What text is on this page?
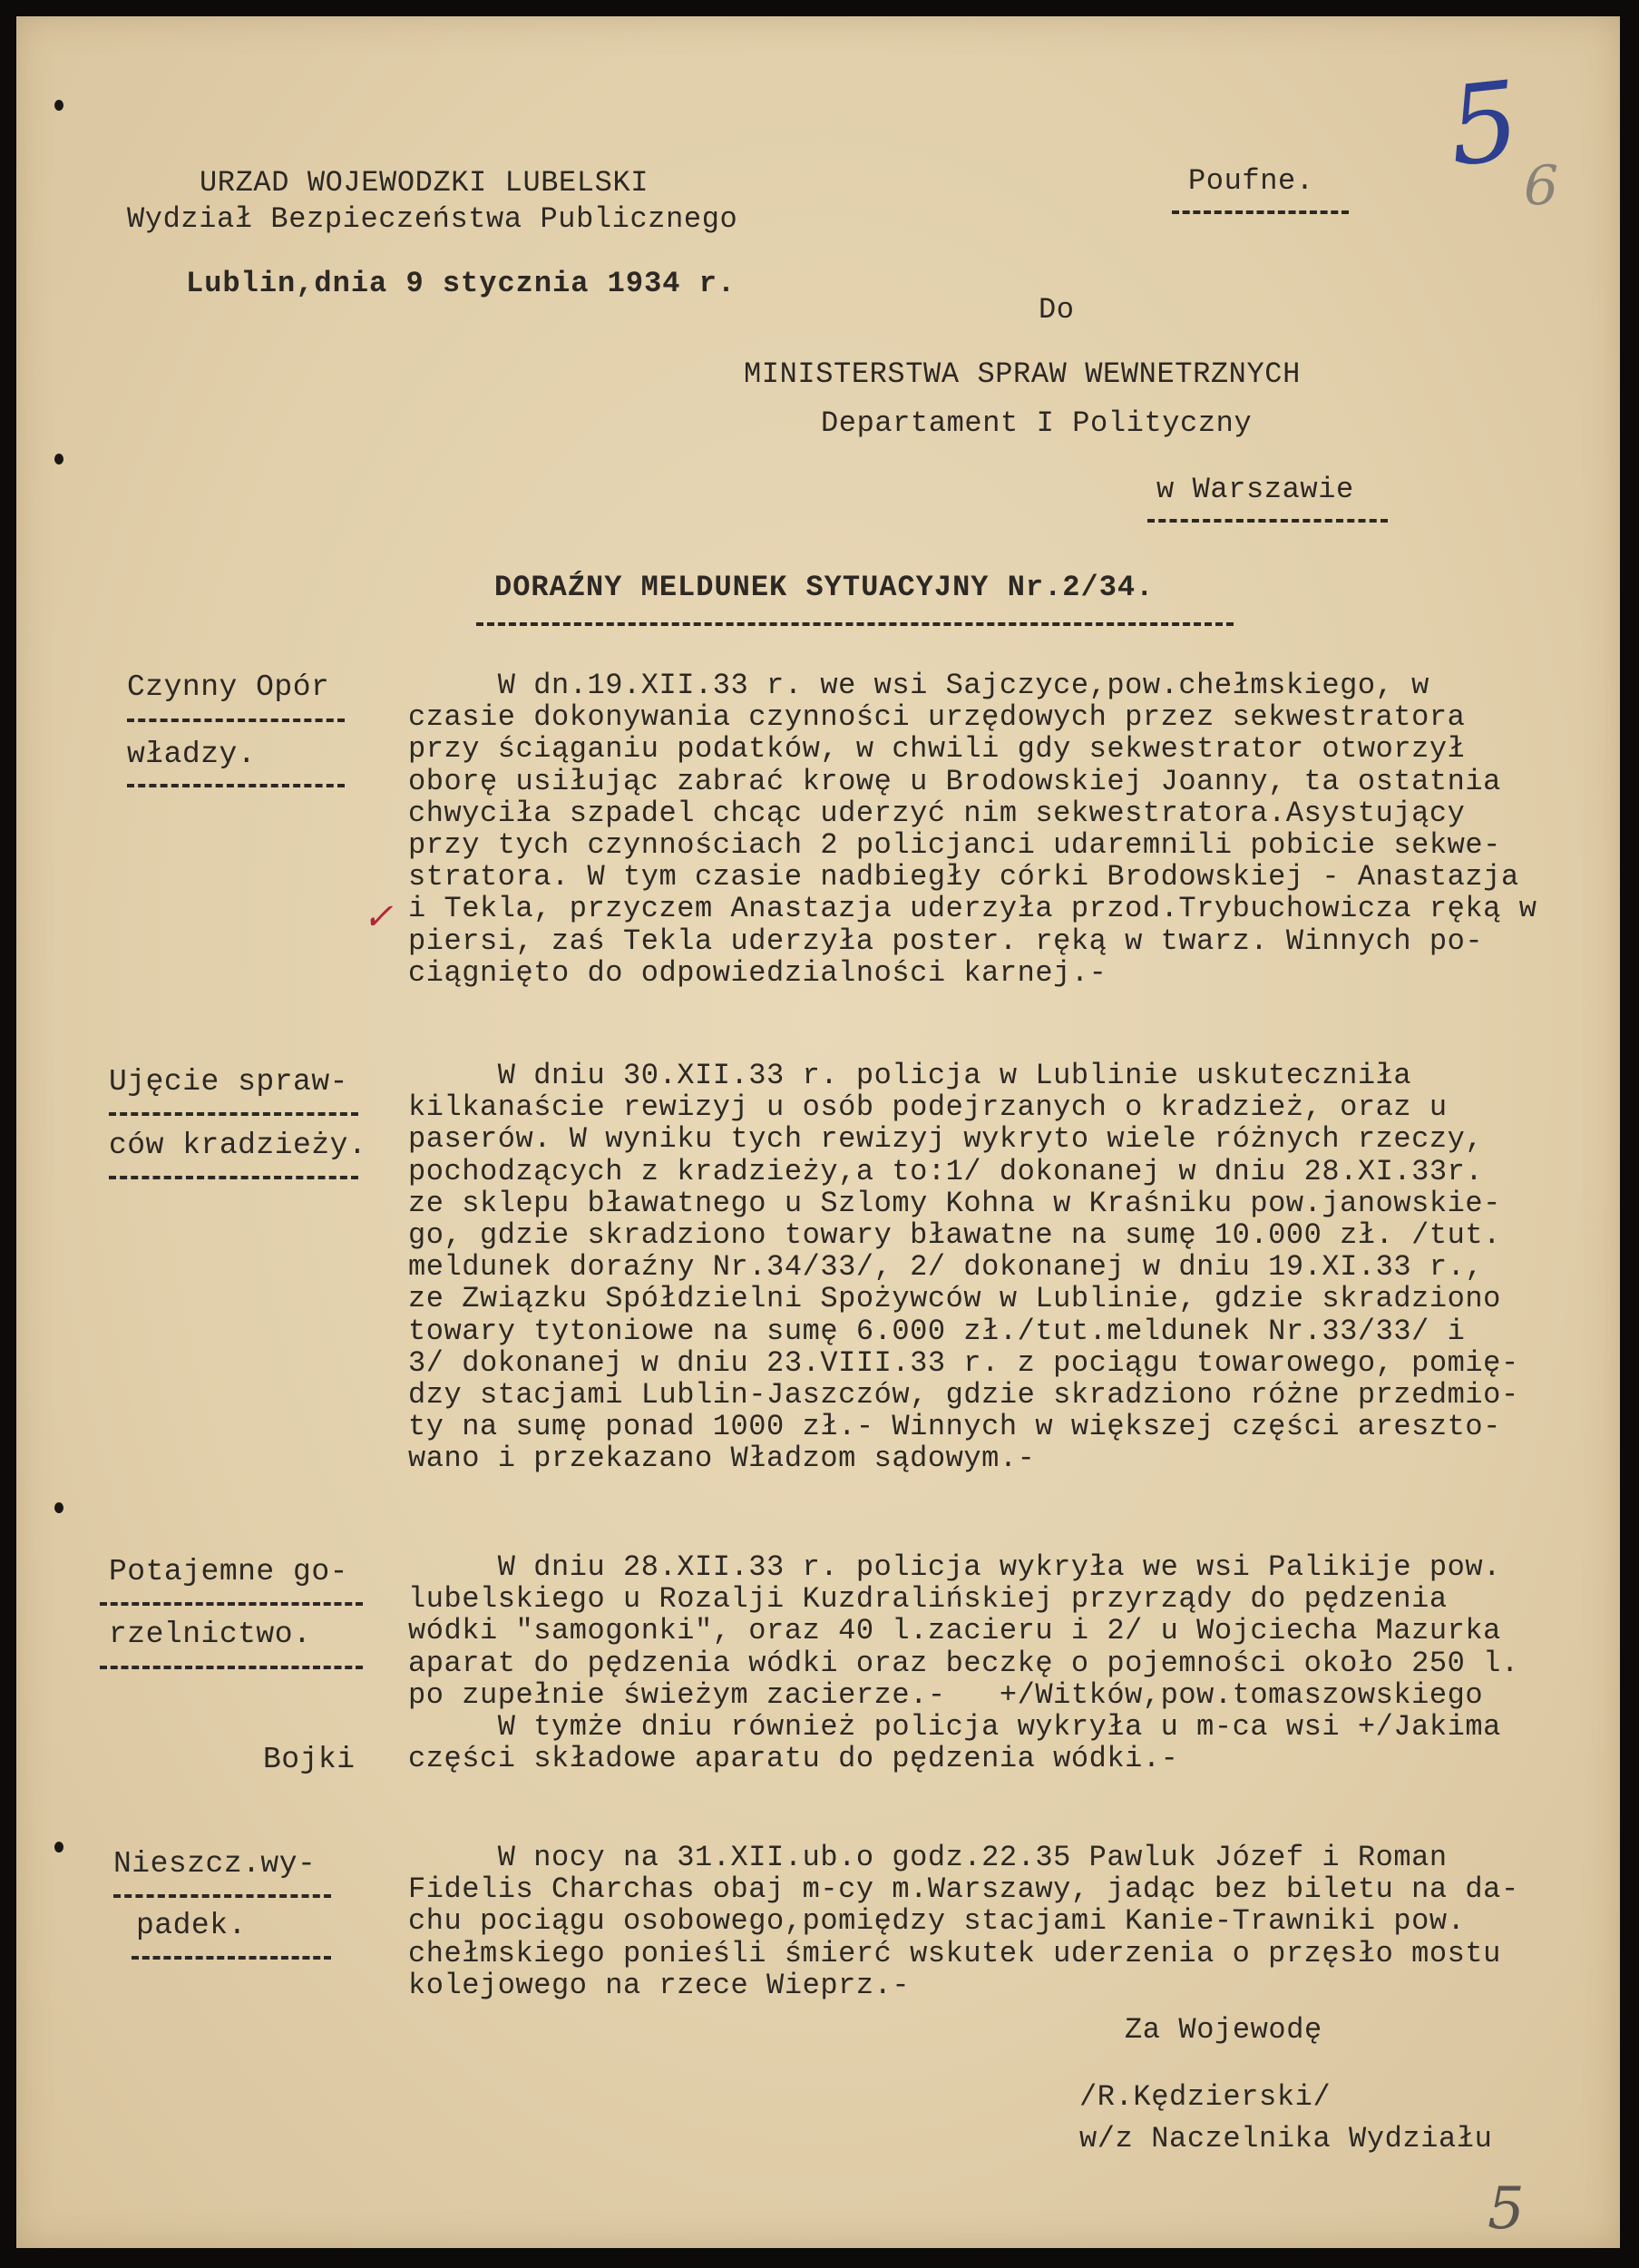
URZAD WOJEWODZKI LUBELSKI
Wydział Bezpieczeństwa Publicznego
Lublin,dnia 9 stycznia 1934 r.
Poufne.
Do
MINISTERSTWA SPRAW WEWNETRZNYCH
Departament I Polityczny
w Warszawie
5
6
5
DORAŹNY MELDUNEK SYTUACYJNY Nr.2/34.
Czynny Opór
władzy.
W dn.19.XII.33 r. we wsi Sajczyce,pow.chełmskiego, w
czasie dokonywania czynności urzędowych przez sekwestratora
przy ściąganiu podatków, w chwili gdy sekwestrator otworzył
oborę usiłując zabrać krowę u Brodowskiej Joanny, ta ostatnia
chwyciła szpadel chcąc uderzyć nim sekwestratora.Asystujący
przy tych czynnościach 2 policjanci udaremnili pobicie sekwe-
stratora. W tym czasie nadbiegły córki Brodowskiej - Anastazja
i Tekla, przyczem Anastazja uderzyła przod.Trybuchowicza ręką w
piersi, zaś Tekla uderzyła poster. ręką w twarz. Winnych po-
ciągnięto do odpowiedzialności karnej.-
✓
Ujęcie spraw-
ców kradzieży.
W dniu 30.XII.33 r. policja w Lublinie uskuteczniła
kilkanaście rewizyj u osób podejrzanych o kradzież, oraz u
paserów. W wyniku tych rewizyj wykryto wiele różnych rzeczy,
pochodzących z kradzieży,a to:1/ dokonanej w dniu 28.XI.33r.
ze sklepu bławatnego u Szlomy Kohna w Kraśniku pow.janowskie-
go, gdzie skradziono towary bławatne na sumę 10.000 zł. /tut.
meldunek doraźny Nr.34/33/, 2/ dokonanej w dniu 19.XI.33 r.,
ze Związku Spółdzielni Spożywców w Lublinie, gdzie skradziono
towary tytoniowe na sumę 6.000 zł./tut.meldunek Nr.33/33/ i
3/ dokonanej w dniu 23.VIII.33 r. z pociągu towarowego, pomię-
dzy stacjami Lublin-Jaszczów, gdzie skradziono różne przedmio-
ty na sumę ponad 1000 zł.- Winnych w większej części areszto-
wano i przekazano Władzom sądowym.-
Potajemne go-
rzelnictwo.
Bojki
W dniu 28.XII.33 r. policja wykryła we wsi Palikije pow.
lubelskiego u Rozalji Kuzdralińskiej przyrządy do pędzenia
wódki "samogonki", oraz 40 l.zacieru i 2/ u Wojciecha Mazurka
aparat do pędzenia wódki oraz beczkę o pojemności około 250 l.
po zupełnie świeżym zacierze.-   +/Witków,pow.tomaszowskiego
W tymże dniu również policja wykryła u m-ca wsi +/Jakima
części składowe aparatu do pędzenia wódki.-
Nieszcz.wy-
padek.
W nocy na 31.XII.ub.o godz.22.35 Pawluk Józef i Roman
Fidelis Charchas obaj m-cy m.Warszawy, jadąc bez biletu na da-
chu pociągu osobowego,pomiędzy stacjami Kanie-Trawniki pow.
chełmskiego ponieśli śmierć wskutek uderzenia o przęsło mostu
kolejowego na rzece Wieprz.-
Za Wojewodę
/R.Kędzierski/
w/z Naczelnika Wydziału
